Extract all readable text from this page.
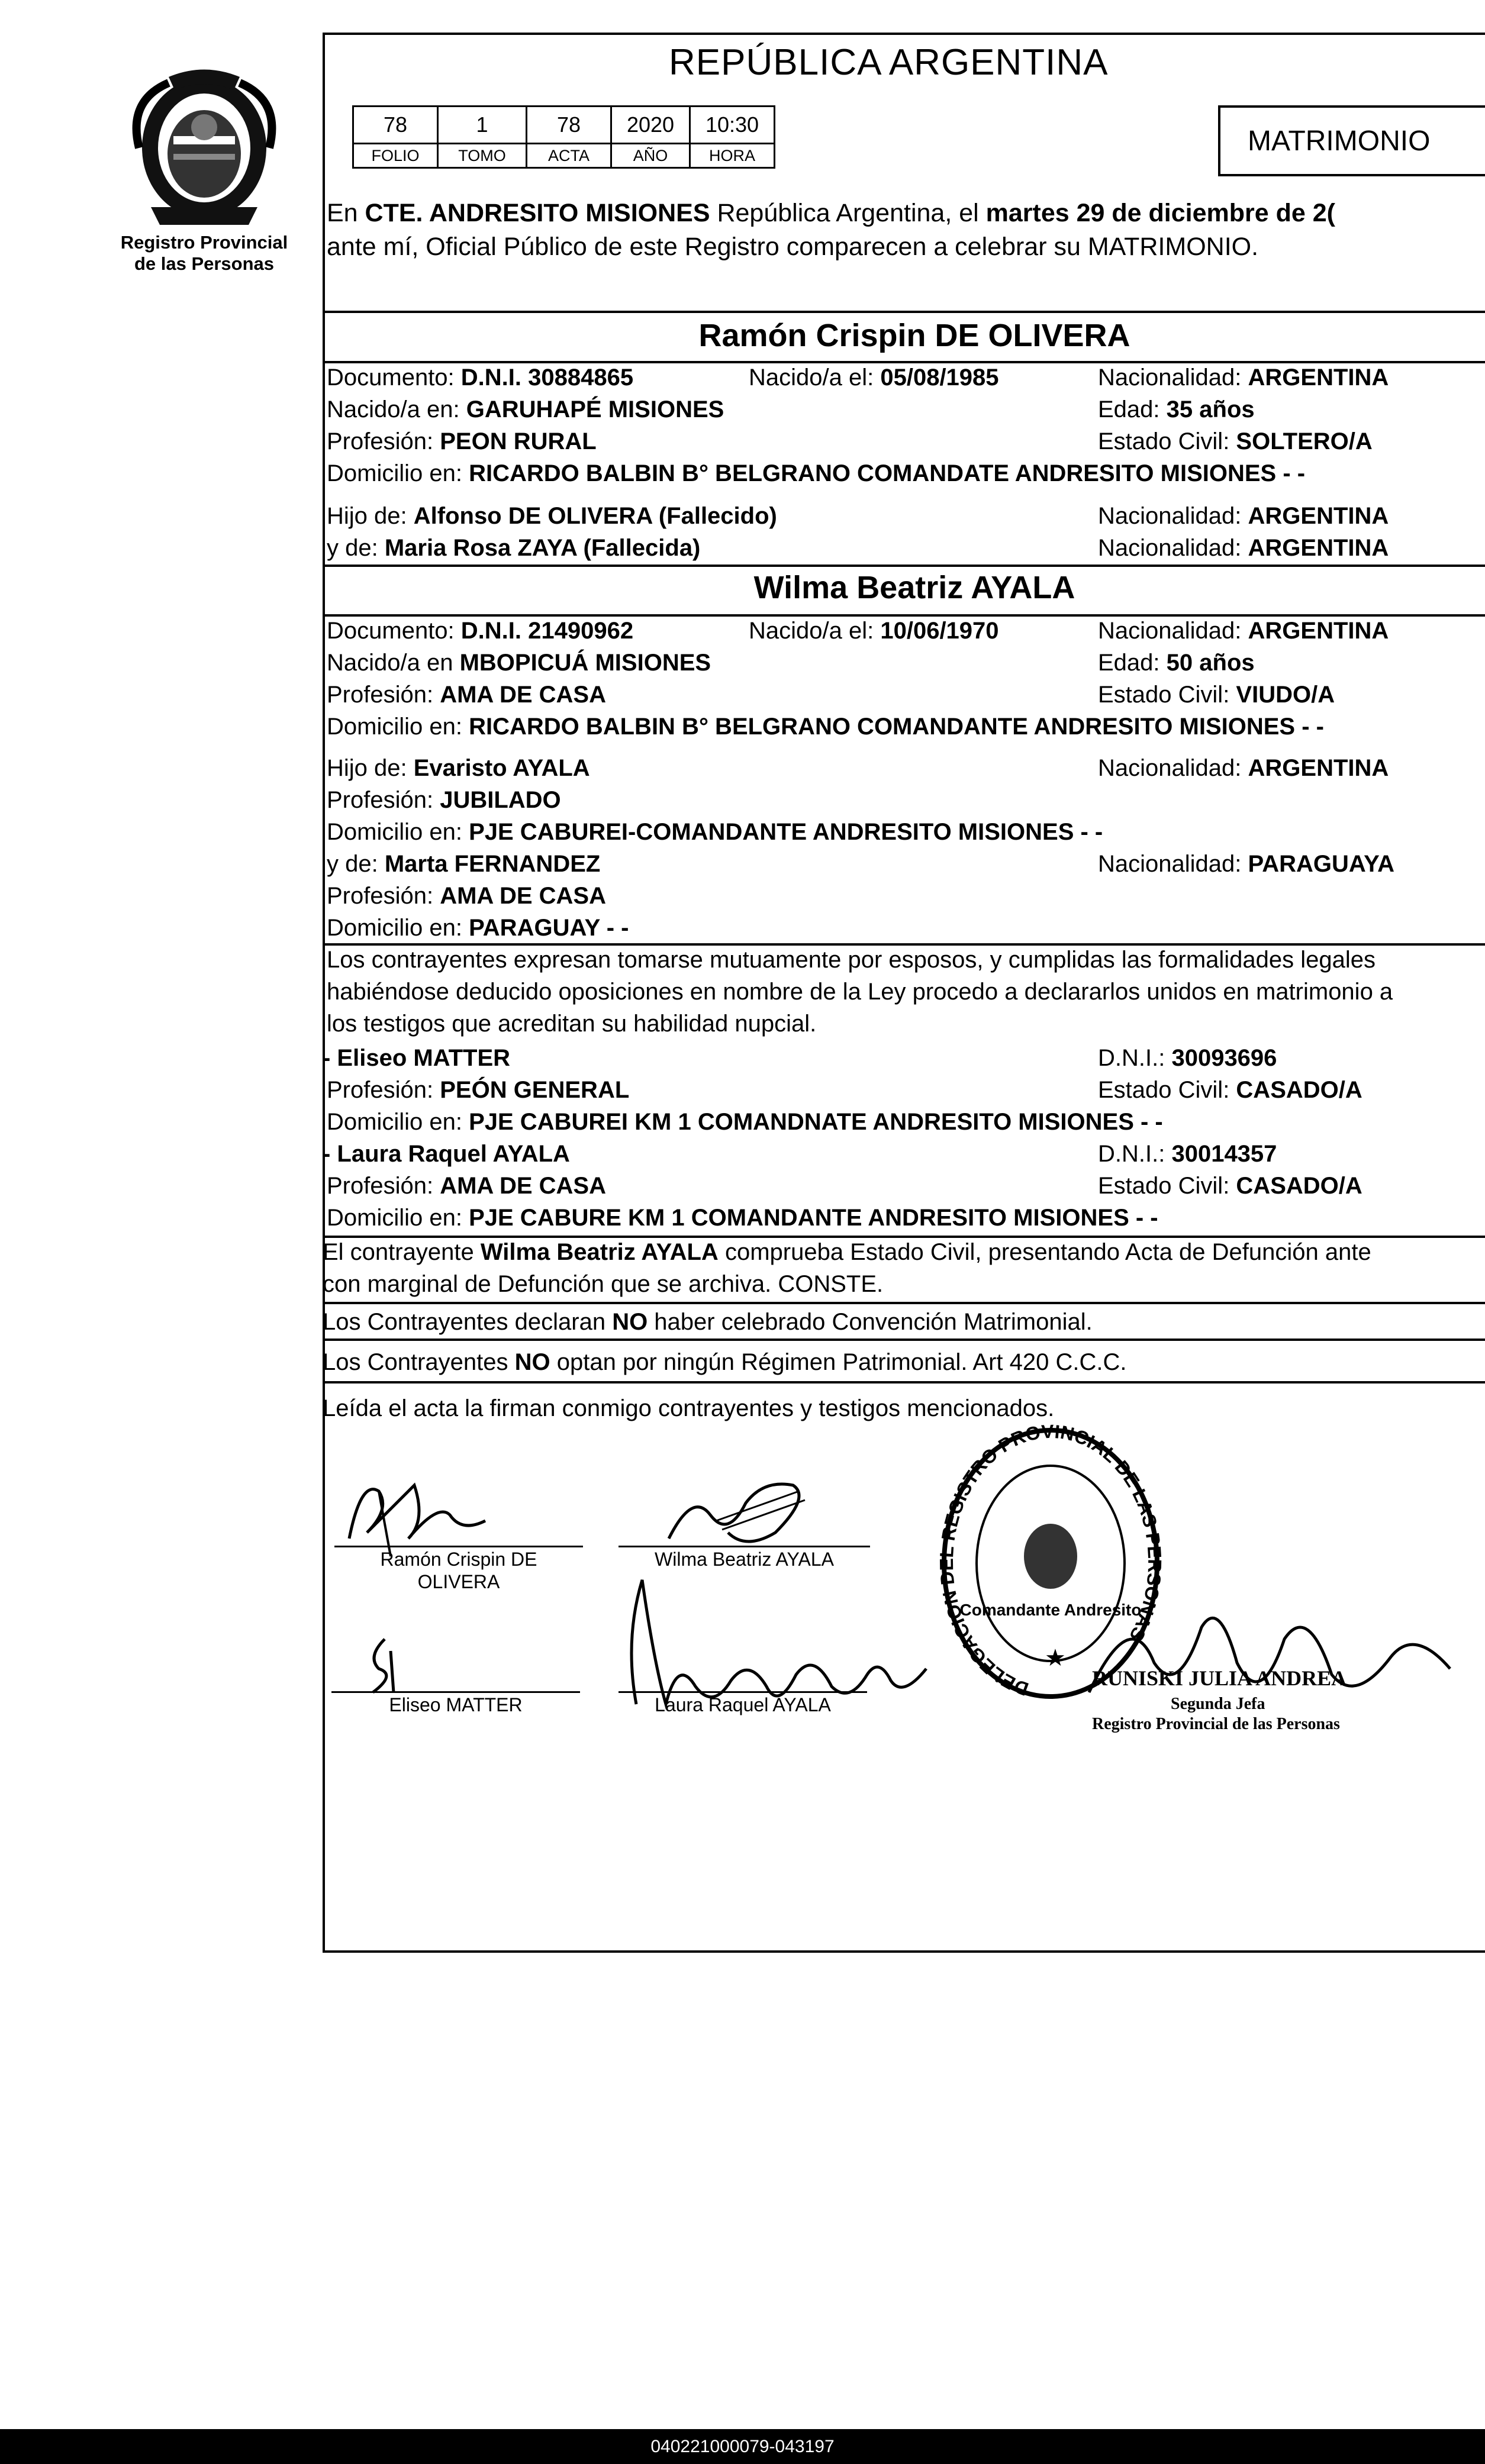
Registro Provincial
de las Personas
REPÚBLICA ARGENTINA
78	1	78	2020	10:30
FOLIO	TOMO	ACTA	AÑO	HORA	MATRIMONIO
En CTE. ANDRESITO MISIONES República Argentina, el martes 29 de diciembre de 2(
ante mí, Oficial Público de este Registro comparecen a celebrar su MATRIMONIO.
Ramón Crispin DE OLIVERA
Documento: D.N.I. 30884865	Nacido/a el: 05/08/1985	Nacionalidad: ARGENTINA
Nacido/a en: GARUHAPÉ MISIONES	Edad: 35 años
Profesión: PEON RURAL	Estado Civil: SOLTERO/A
Domicilio en: RICARDO BALBIN B° BELGRANO COMANDATE ANDRESITO MISIONES - -
Hijo de: Alfonso DE OLIVERA (Fallecido)	Nacionalidad: ARGENTINA
y de: Maria Rosa ZAYA (Fallecida)	Nacionalidad: ARGENTINA
Wilma Beatriz AYALA
Documento: D.N.I. 21490962	Nacido/a el: 10/06/1970	Nacionalidad: ARGENTINA
Nacido/a en MBOPICUÁ MISIONES	Edad: 50 años
Profesión: AMA DE CASA	Estado Civil: VIUDO/A
Domicilio en: RICARDO BALBIN B° BELGRANO COMANDANTE ANDRESITO MISIONES - -
Hijo de: Evaristo AYALA	Nacionalidad: ARGENTINA
Profesión: JUBILADO
Domicilio en: PJE CABUREI-COMANDANTE ANDRESITO MISIONES - -
y de: Marta FERNANDEZ	Nacionalidad: PARAGUAYA
Profesión: AMA DE CASA
Domicilio en: PARAGUAY - -
Los contrayentes expresan tomarse mutuamente por esposos, y cumplidas las formalidades legales
habiéndose deducido oposiciones en nombre de la Ley procedo a declararlos unidos en matrimonio a
los testigos que acreditan su habilidad nupcial.
- Eliseo MATTER	D.N.I.: 30093696
Profesión: PEÓN GENERAL	Estado Civil: CASADO/A
Domicilio en: PJE CABUREI KM 1 COMANDNATE ANDRESITO MISIONES - -
- Laura Raquel AYALA	D.N.I.: 30014357
Profesión: AMA DE CASA	Estado Civil: CASADO/A
Domicilio en: PJE CABURE KM 1 COMANDANTE ANDRESITO MISIONES - -
El contrayente Wilma Beatriz AYALA comprueba Estado Civil, presentando Acta de Defunción ante
con marginal de Defunción que se archiva. CONSTE.
Los Contrayentes declaran NO haber celebrado Convención Matrimonial.
Los Contrayentes NO optan por ningún Régimen Patrimonial. Art 420 C.C.C.
Leída el acta la firman conmigo contrayentes y testigos mencionados.
Ramón Crispin DE
OLIVERA
Wilma Beatriz AYALA
Eliseo MATTER	Laura Raquel AYALA
DELEGACION DEL REGISTRO PROVINCIAL DE LAS PERSONAS
Comandante Andresito
★
RUNISKI JULIA ANDREA
Segunda Jefa
Registro Provincial de las Personas
040221000079-043197
